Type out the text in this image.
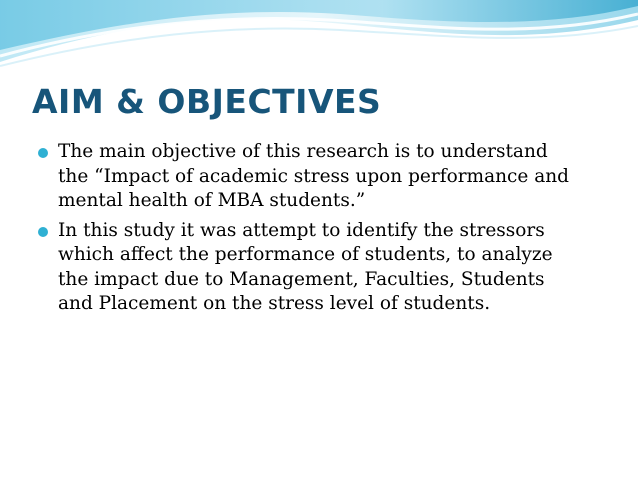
AIM & OBJECTIVES
The main objective of this research is to understand
the “Impact of academic stress upon performance and
mental health of MBA students.”
In this study it was attempt to identify the stressors
which affect the performance of students, to analyze
the impact due to Management, Faculties, Students
and Placement on the stress level of students.
